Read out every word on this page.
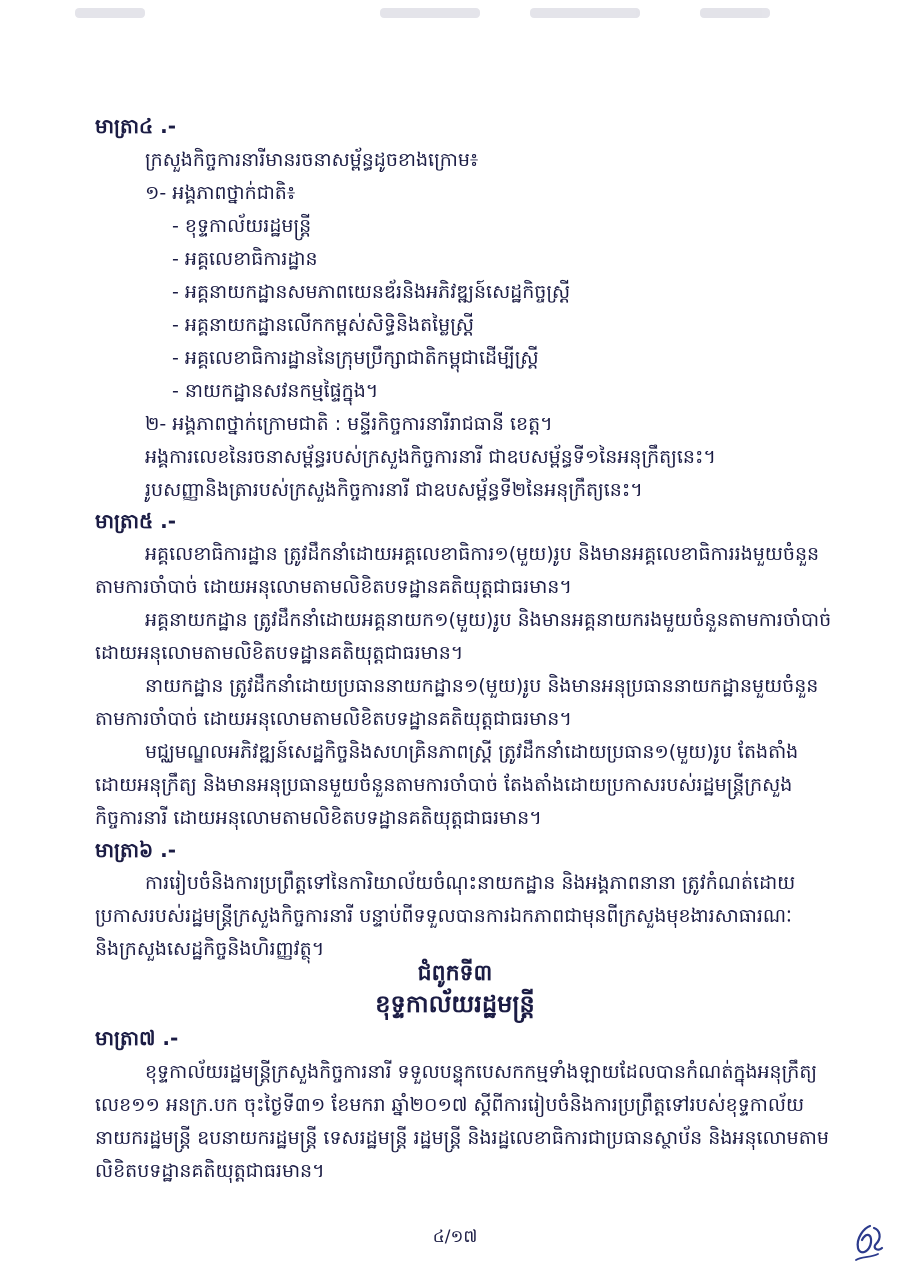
មាត្រា៤ .-
ក្រសួងកិច្ចការនារីមានរចនាសម្ព័ន្ធដូចខាងក្រោម៖
១- អង្គភាពថ្នាក់ជាតិ៖
- ខុទ្ទកាល័យរដ្ឋមន្ត្រី
- អគ្គលេខាធិការដ្ឋាន
- អគ្គនាយកដ្ឋានសមភាពយេនឌ័រនិងអភិវឌ្ឍន៍សេដ្ឋកិច្ចស្ត្រី
- អគ្គនាយកដ្ឋានលើកកម្ពស់សិទ្ធិនិងតម្លៃស្ត្រី
- អគ្គលេខាធិការដ្ឋាននៃក្រុមប្រឹក្សាជាតិកម្ពុជាដើម្បីស្ត្រី
- នាយកដ្ឋានសវនកម្មផ្ទៃក្នុង។
២- អង្គភាពថ្នាក់ក្រោមជាតិ : មន្ទីរកិច្ចការនារីរាជធានី ខេត្ត។
អង្គការលេខនៃរចនាសម្ព័ន្ធរបស់ក្រសួងកិច្ចការនារី ជាឧបសម្ព័ន្ធទី១នៃអនុក្រឹត្យនេះ។
រូបសញ្ញានិងត្រារបស់ក្រសួងកិច្ចការនារី ជាឧបសម្ព័ន្ធទី២នៃអនុក្រឹត្យនេះ។
មាត្រា៥ .-
អគ្គលេខាធិការដ្ឋាន ត្រូវដឹកនាំដោយអគ្គលេខាធិការ១(មួយ)រូប និងមានអគ្គលេខាធិការរងមួយចំនួន
តាមការចាំបាច់ ដោយអនុលោមតាមលិខិតបទដ្ឋានគតិយុត្តជាធរមាន។
អគ្គនាយកដ្ឋាន ត្រូវដឹកនាំដោយអគ្គនាយក១(មួយ)រូប និងមានអគ្គនាយករងមួយចំនួនតាមការចាំបាច់
ដោយអនុលោមតាមលិខិតបទដ្ឋានគតិយុត្តជាធរមាន។
នាយកដ្ឋាន ត្រូវដឹកនាំដោយប្រធាននាយកដ្ឋាន១(មួយ)រូប និងមានអនុប្រធាននាយកដ្ឋានមួយចំនួន
តាមការចាំបាច់ ដោយអនុលោមតាមលិខិតបទដ្ឋានគតិយុត្តជាធរមាន។
មជ្ឈមណ្ឌលអភិវឌ្ឍន៍សេដ្ឋកិច្ចនិងសហគ្រិនភាពស្ត្រី ត្រូវដឹកនាំដោយប្រធាន១(មួយ)រូប តែងតាំង
ដោយអនុក្រឹត្យ និងមានអនុប្រធានមួយចំនួនតាមការចាំបាច់ តែងតាំងដោយប្រកាសរបស់រដ្ឋមន្ត្រីក្រសួង
កិច្ចការនារី ដោយអនុលោមតាមលិខិតបទដ្ឋានគតិយុត្តជាធរមាន។
មាត្រា៦ .-
ការរៀបចំនិងការប្រព្រឹត្តទៅនៃការិយាល័យចំណុះនាយកដ្ឋាន និងអង្គភាពនានា ត្រូវកំណត់ដោយ
ប្រកាសរបស់រដ្ឋមន្ត្រីក្រសួងកិច្ចការនារី បន្ទាប់ពីទទួលបានការឯកភាពជាមុនពីក្រសួងមុខងារសាធារណៈ
និងក្រសួងសេដ្ឋកិច្ចនិងហិរញ្ញវត្ថុ។
ជំពូកទី៣
ខុទ្ទកាល័យរដ្ឋមន្ត្រី
មាត្រា៧ .-
ខុទ្ទកាល័យរដ្ឋមន្ត្រីក្រសួងកិច្ចការនារី ទទួលបន្ទុកបេសកកម្មទាំងឡាយដែលបានកំណត់ក្នុងអនុក្រឹត្យ
លេខ១១ អនក្រ.បក ចុះថ្ងៃទី៣១ ខែមករា ឆ្នាំ២០១៧ ស្ដីពីការរៀបចំនិងការប្រព្រឹត្តទៅរបស់ខុទ្ទកាល័យ
នាយករដ្ឋមន្ត្រី ឧបនាយករដ្ឋមន្ត្រី ទេសរដ្ឋមន្ត្រី រដ្ឋមន្ត្រី និងរដ្ឋលេខាធិការជាប្រធានស្ថាប័ន និងអនុលោមតាម
លិខិតបទដ្ឋានគតិយុត្តជាធរមាន។
៤/១៧
